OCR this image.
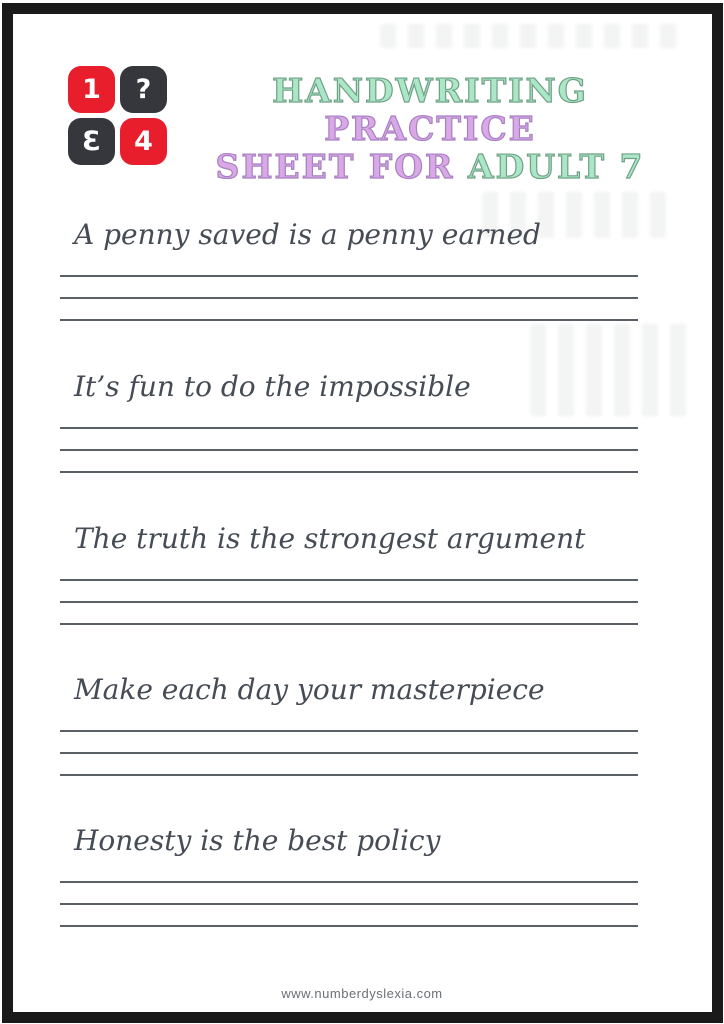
1	?
Ɛ	4
HANDWRITING PRACTICE
SHEET FOR ADULT 7
A penny saved is a penny earned
It’s fun to do the impossible
The truth is the strongest argument
Make each day your masterpiece
Honesty is the best policy
www.numberdyslexia.com
